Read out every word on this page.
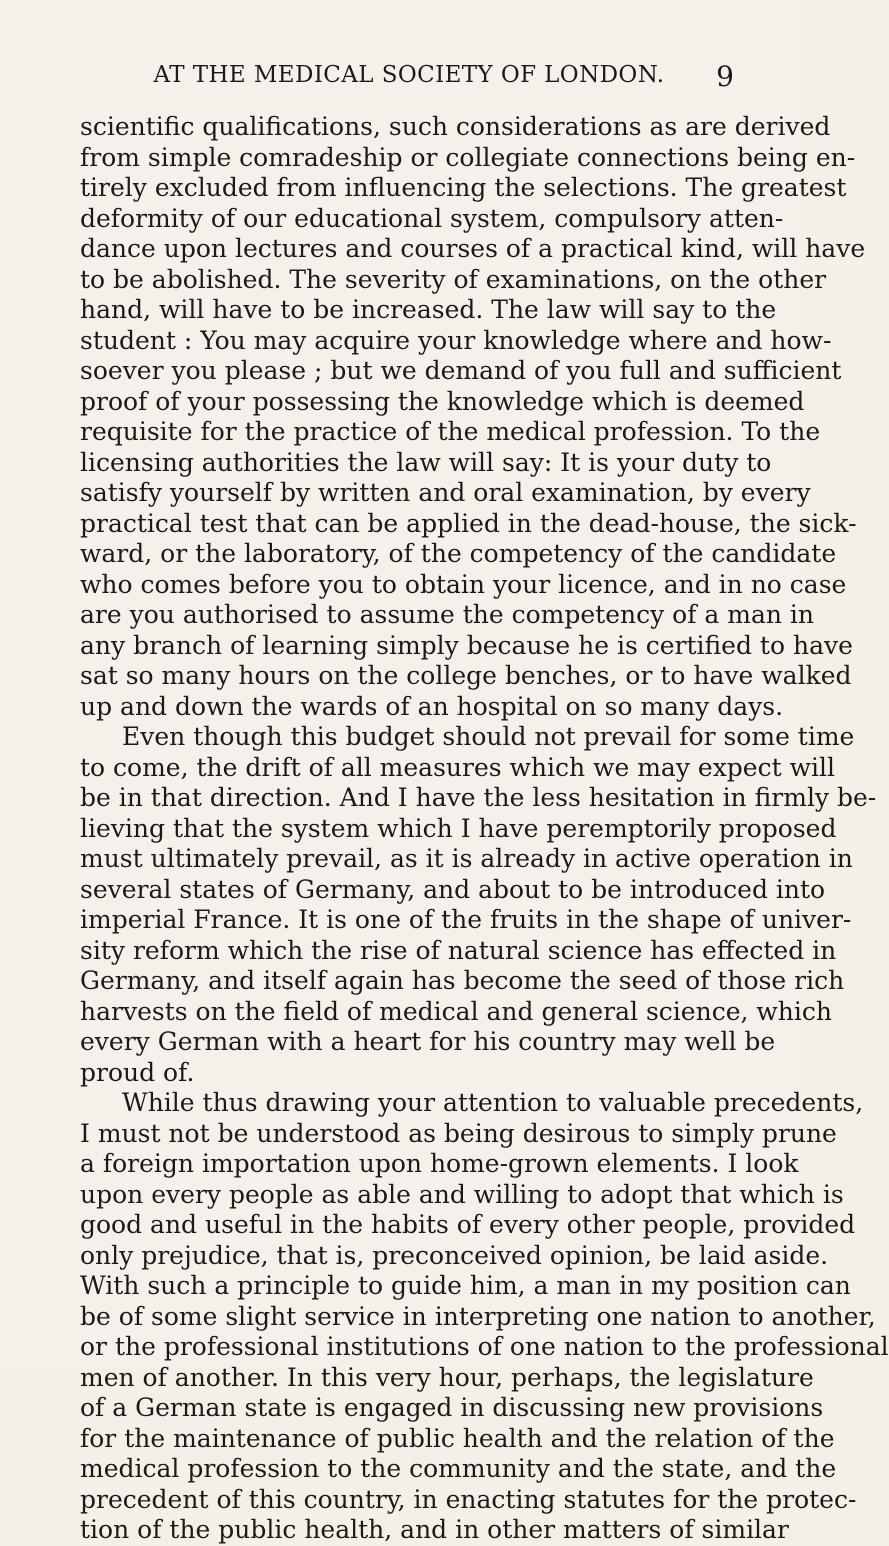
AT THE MEDICAL SOCIETY OF LONDON.	9
scientific qualifications, such considerations as are derived
from simple comradeship or collegiate connections being en-
tirely excluded from influencing the selections. The greatest
deformity of our educational system, compulsory atten-
dance upon lectures and courses of a practical kind, will have
to be abolished. The severity of examinations, on the other
hand, will have to be increased. The law will say to the
student : You may acquire your knowledge where and how-
soever you please ; but we demand of you full and sufficient
proof of your possessing the knowledge which is deemed
requisite for the practice of the medical profession. To the
licensing authorities the law will say: It is your duty to
satisfy yourself by written and oral examination, by every
practical test that can be applied in the dead-house, the sick-
ward, or the laboratory, of the competency of the candidate
who comes before you to obtain your licence, and in no case
are you authorised to assume the competency of a man in
any branch of learning simply because he is certified to have
sat so many hours on the college benches, or to have walked
up and down the wards of an hospital on so many days.
Even though this budget should not prevail for some time
to come, the drift of all measures which we may expect will
be in that direction. And I have the less hesitation in firmly be-
lieving that the system which I have peremptorily proposed
must ultimately prevail, as it is already in active operation in
several states of Germany, and about to be introduced into
imperial France. It is one of the fruits in the shape of univer-
sity reform which the rise of natural science has effected in
Germany, and itself again has become the seed of those rich
harvests on the field of medical and general science, which
every German with a heart for his country may well be
proud of.
While thus drawing your attention to valuable precedents,
I must not be understood as being desirous to simply prune
a foreign importation upon home-grown elements. I look
upon every people as able and willing to adopt that which is
good and useful in the habits of every other people, provided
only prejudice, that is, preconceived opinion, be laid aside.
With such a principle to guide him, a man in my position can
be of some slight service in interpreting one nation to another,
or the professional institutions of one nation to the professional
men of another. In this very hour, perhaps, the legislature
of a German state is engaged in discussing new provisions
for the maintenance of public health and the relation of the
medical profession to the community and the state, and the
precedent of this country, in enacting statutes for the protec-
tion of the public health, and in other matters of similar
